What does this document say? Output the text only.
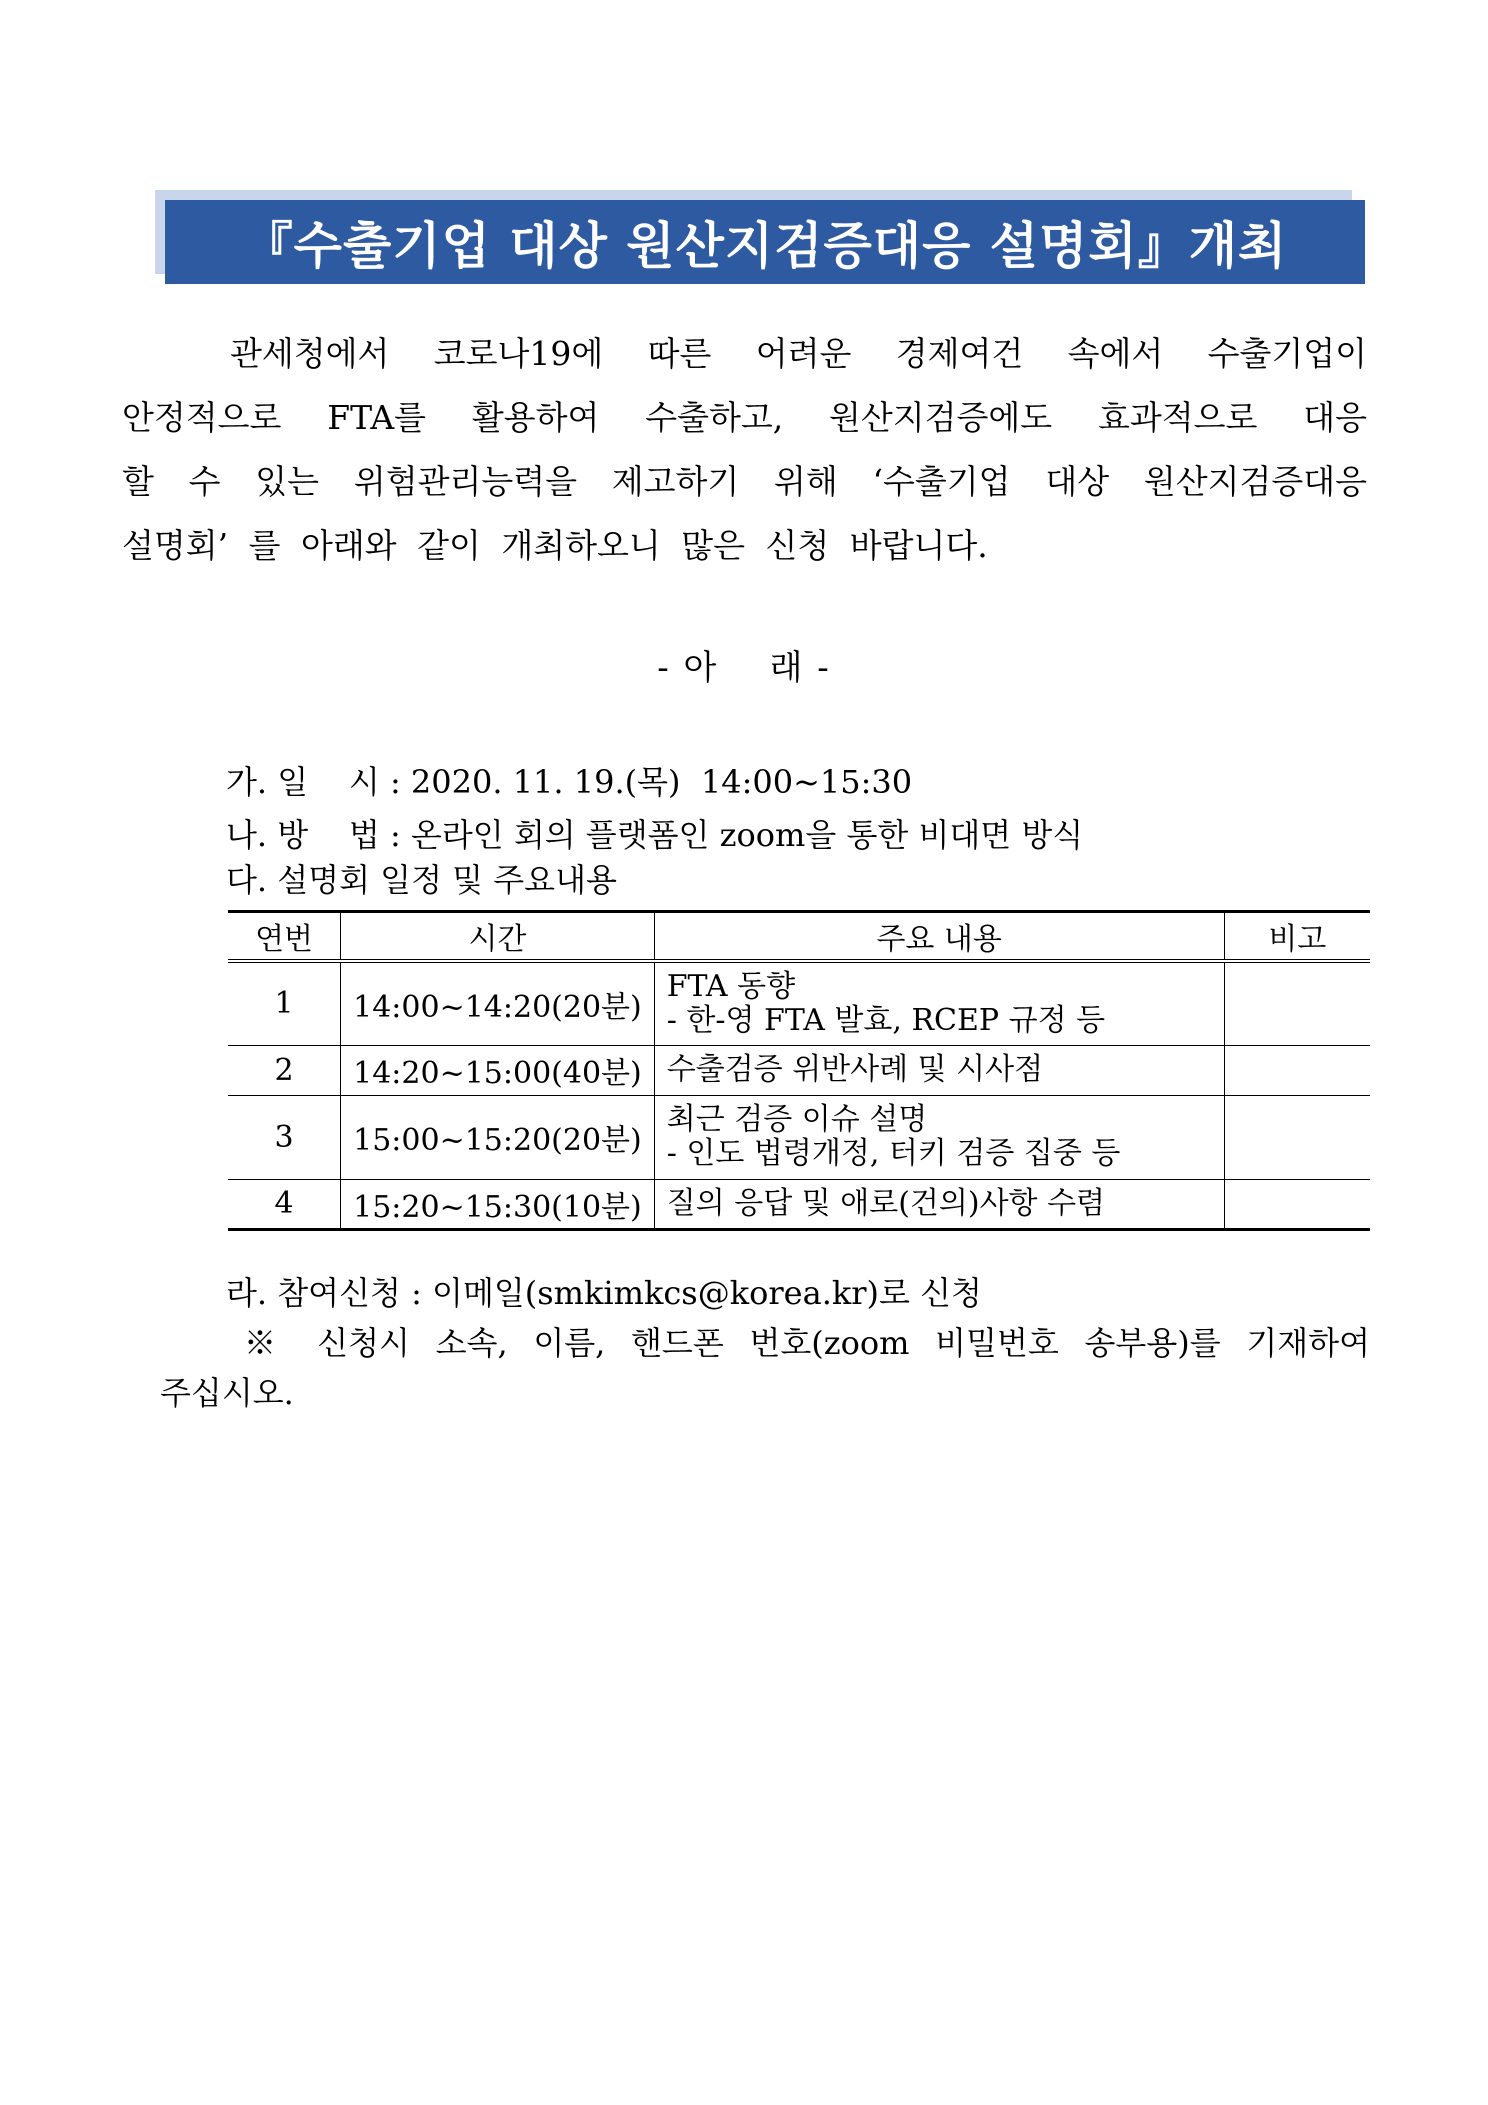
『수출기업 대상 원산지검증대응 설명회』개최
관세청에서 코로나19에 따른 어려운 경제여건 속에서 수출기업이
안정적으로 FTA를 활용하여 수출하고, 원산지검증에도 효과적으로 대응
할 수 있는 위험관리능력을 제고하기 위해 ‘수출기업 대상 원산지검증대응
설명회’ 를 아래와 같이 개최하오니 많은 신청 바랍니다.
- 아    래 -
가. 일    시 : 2020. 11. 19.(목)  14:00~15:30
나. 방    법 : 온라인 회의 플랫폼인 zoom을 통한 비대면 방식
다. 설명회 일정 및 주요내용
연번	시간	주요 내용	비고
1	14:00~14:20(20분)	FTA 동향
- 한-영 FTA 발효, RCEP 규정 등	

2	14:20~15:00(40분)	수출검증 위반사례 및 시사점	

3	15:00~15:20(20분)	최근 검증 이슈 설명
- 인도 법령개정, 터키 검증 집중 등	

4	15:20~15:30(10분)	질의 응답 및 애로(건의)사항 수렴	

라. 참여신청 : 이메일(smkimkcs@korea.kr)로 신청
※ 신청시 소속, 이름, 핸드폰 번호(zoom 비밀번호 송부용)를 기재하여
주십시오.
